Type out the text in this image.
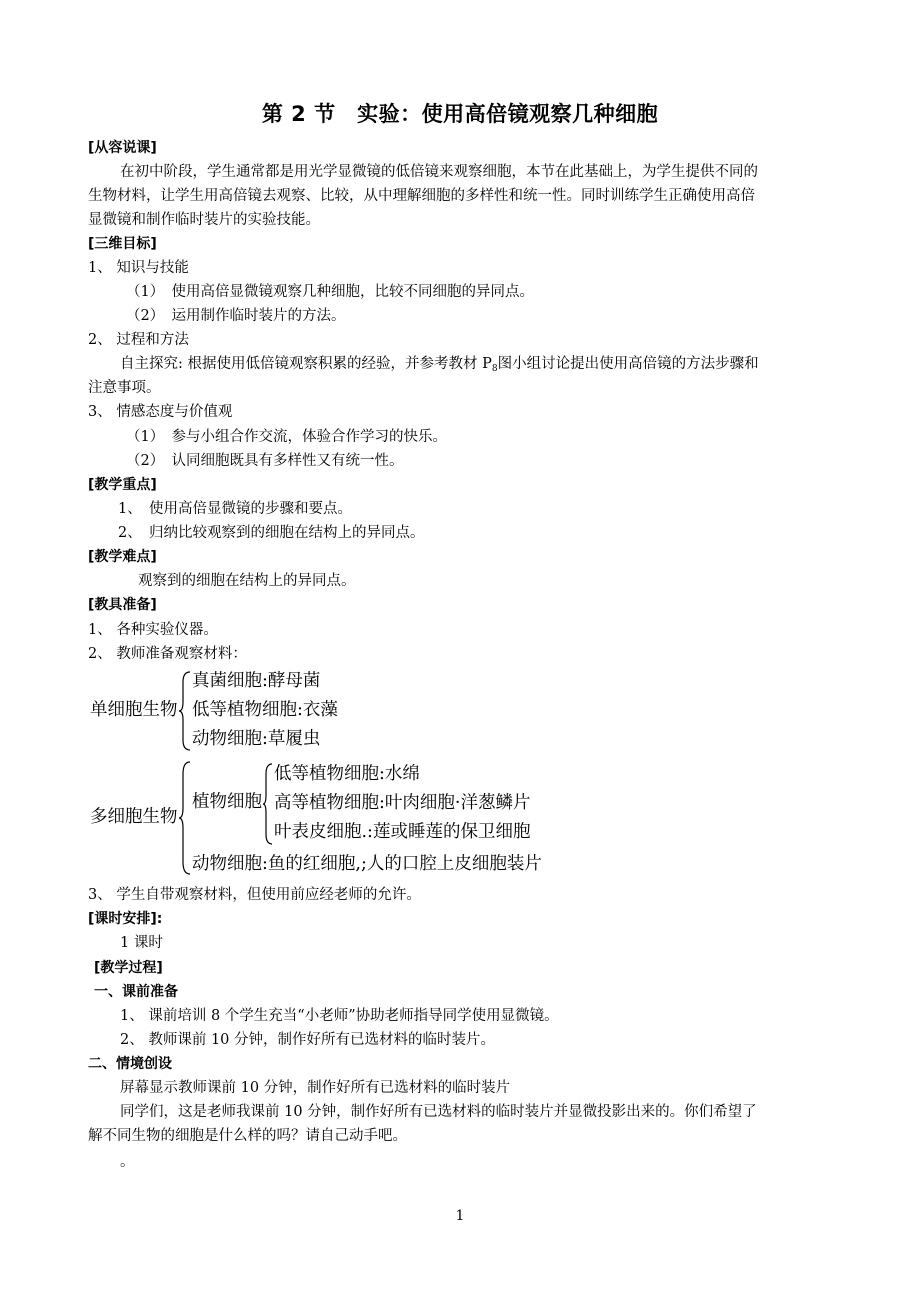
第 2 节　实验：使用高倍镜观察几种细胞
[从容说课]
在初中阶段，学生通常都是用光学显微镜的低倍镜来观察细胞，本节在此基础上，为学生提供不同的
生物材料，让学生用高倍镜去观察、比较，从中理解细胞的多样性和统一性。同时训练学生正确使用高倍
显微镜和制作临时装片的实验技能。
[三维目标]
1、 知识与技能
（1）　使用高倍显微镜观察几种细胞，比较不同细胞的异同点。
（2）　运用制作临时装片的方法。
2、 过程和方法
自主探究: 根据使用低倍镜观察积累的经验，并参考教材 $P_8$图小组讨论提出使用高倍镜的方法步骤和
注意事项。
3、 情感态度与价值观
（1）　参与小组合作交流，体验合作学习的快乐。
（2）　认同细胞既具有多样性又有统一性。
[教学重点]
1、　使用高倍显微镜的步骤和要点。
2、　归纳比较观察到的细胞在结构上的异同点。
[教学难点]
观察到的细胞在结构上的异同点。
[教具准备]
1、 各种实验仪器。
2、 教师准备观察材料：
单细胞生物
真菌细胞:酵母菌
低等植物细胞:衣藻
动物细胞:草履虫
多细胞生物
植物细胞
低等植物细胞:水绵
高等植物细胞:叶肉细胞·洋葱鳞片
叶表皮细胞.:莲或睡莲的保卫细胞
动物细胞:鱼的红细胞,;人的口腔上皮细胞装片
3、 学生自带观察材料，但使用前应经老师的允许。
[课时安排]:
1 课时
[教学过程]
一、课前准备
1、 课前培训 8 个学生充当“小老师”协助老师指导同学使用显微镜。
2、 教师课前 10 分钟，制作好所有已选材料的临时装片。
二、情境创设
屏幕显示教师课前 10 分钟，制作好所有已选材料的临时装片
同学们，这是老师我课前 10 分钟，制作好所有已选材料的临时装片并显微投影出来的。你们希望了
解不同生物的细胞是什么样的吗？请自己动手吧。
。
1
